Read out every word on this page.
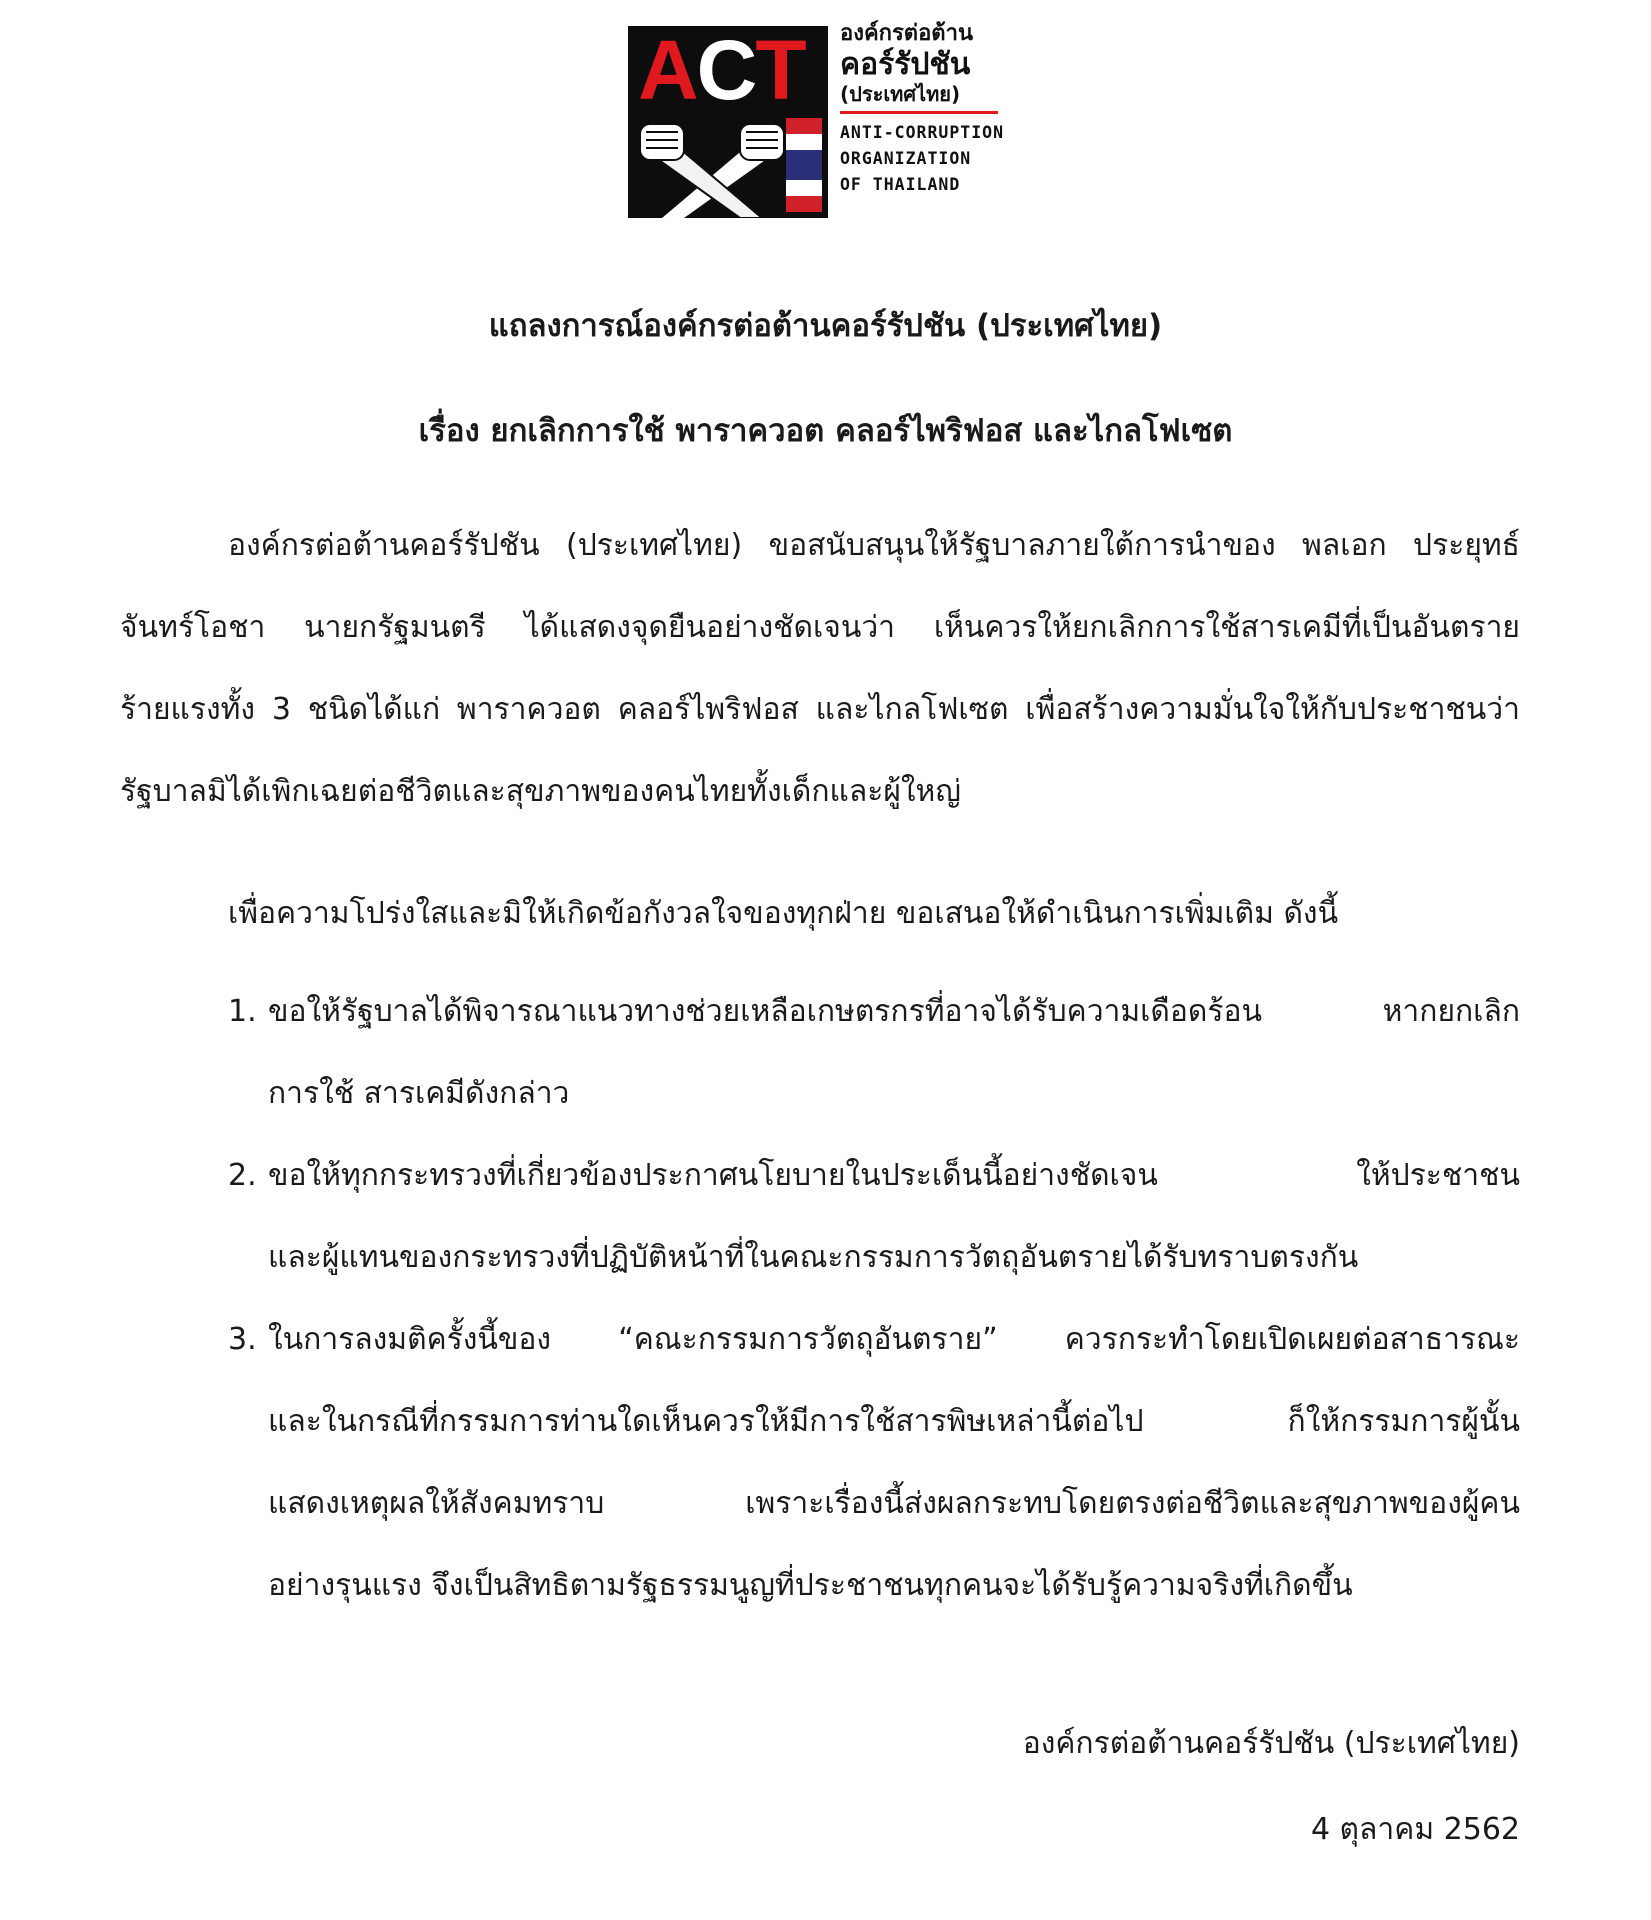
ACT องค์กรต่อต้าน
คอร์รัปชัน
(ประเทศไทย)
ANTI-CORRUPTION
ORGANIZATION
OF THAILAND
แถลงการณ์องค์กรต่อต้านคอร์รัปชัน (ประเทศไทย)
เรื่อง ยกเลิกการใช้ พาราควอต คลอร์ไพริฟอส และไกลโฟเซต
องค์กรต่อต้านคอร์รัปชัน (ประเทศไทย) ขอสนับสนุนให้รัฐบาลภายใต้การนำของ พลเอก ประยุทธ์
จันทร์โอชา นายกรัฐมนตรี ได้แสดงจุดยืนอย่างชัดเจนว่า เห็นควรให้ยกเลิกการใช้สารเคมีที่เป็นอันตราย
ร้ายแรงทั้ง 3 ชนิดได้แก่ พาราควอต คลอร์ไพริฟอส และไกลโฟเซต เพื่อสร้างความมั่นใจให้กับประชาชนว่า
รัฐบาลมิได้เพิกเฉยต่อชีวิตและสุขภาพของคนไทยทั้งเด็กและผู้ใหญ่
เพื่อความโปร่งใสและมิให้เกิดข้อกังวลใจของทุกฝ่าย ขอเสนอให้ดำเนินการเพิ่มเติม ดังนี้
1. ขอให้รัฐบาลได้พิจารณาแนวทางช่วยเหลือเกษตรกรที่อาจได้รับความเดือดร้อน หากยกเลิก
การใช้ สารเคมีดังกล่าว
2. ขอให้ทุกกระทรวงที่เกี่ยวข้องประกาศนโยบายในประเด็นนี้อย่างชัดเจน ให้ประชาชน
และผู้แทนของกระทรวงที่ปฏิบัติหน้าที่ในคณะกรรมการวัตถุอันตรายได้รับทราบตรงกัน
3. ในการลงมติครั้งนี้ของ “คณะกรรมการวัตถุอันตราย” ควรกระทำโดยเปิดเผยต่อสาธารณะ
และในกรณีที่กรรมการท่านใดเห็นควรให้มีการใช้สารพิษเหล่านี้ต่อไป ก็ให้กรรมการผู้นั้น
แสดงเหตุผลให้สังคมทราบ เพราะเรื่องนี้ส่งผลกระทบโดยตรงต่อชีวิตและสุขภาพของผู้คน
อย่างรุนแรง จึงเป็นสิทธิตามรัฐธรรมนูญที่ประชาชนทุกคนจะได้รับรู้ความจริงที่เกิดขึ้น
องค์กรต่อต้านคอร์รัปชัน (ประเทศไทย)
4 ตุลาคม 2562
